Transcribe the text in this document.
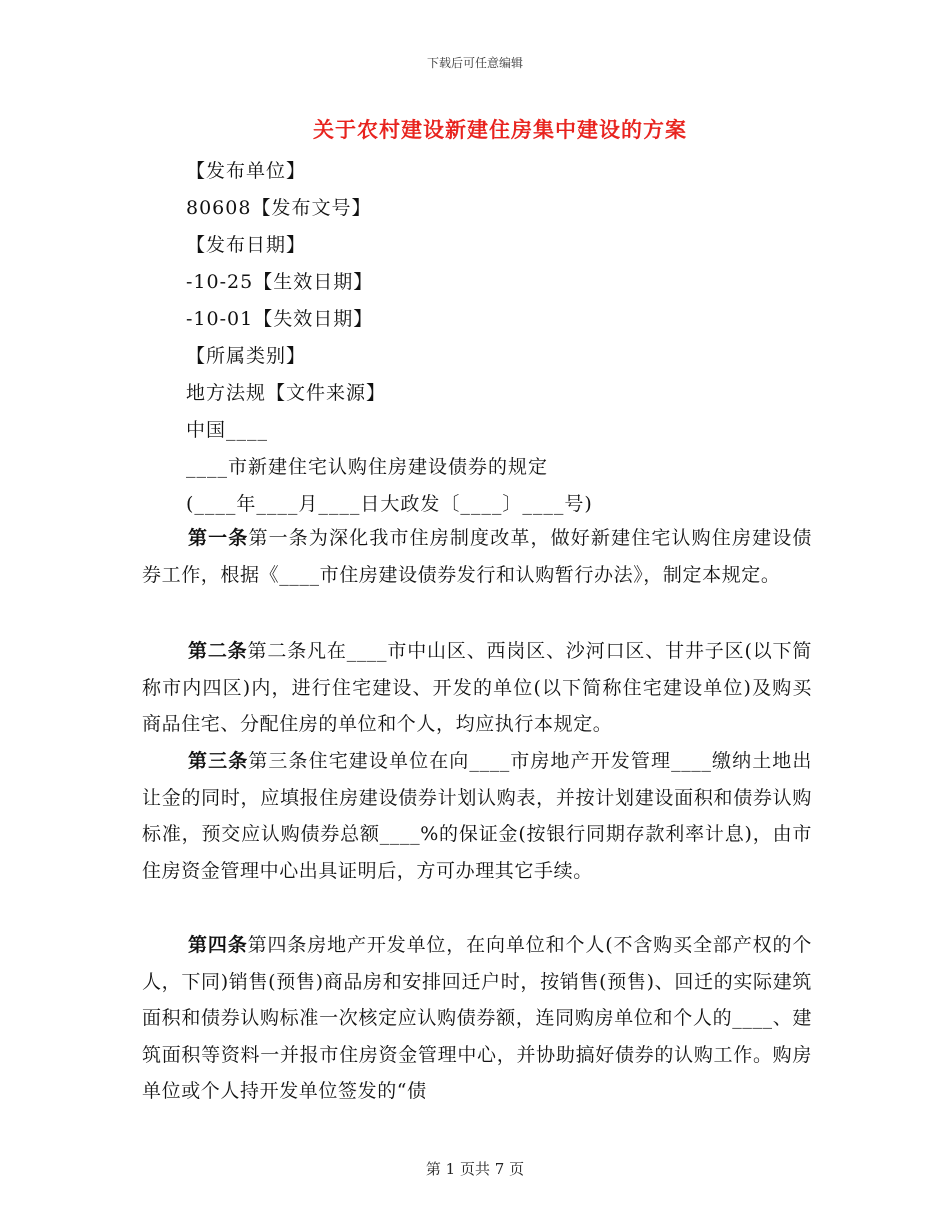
下载后可任意编辑
关于农村建设新建住房集中建设的方案
【发布单位】
80608【发布文号】
【发布日期】
-10-25【生效日期】
-10-01【失效日期】
【所属类别】
地方法规【文件来源】
中国____
____市新建住宅认购住房建设债券的规定
(____年____月____日大政发〔____〕____号)
第一条第一条为深化我市住房制度改革，做好新建住宅认购住房建设债券工作，根据《____市住房建设债券发行和认购暂行办法》，制定本规定。
第二条第二条凡在____市中山区、西岗区、沙河口区、甘井子区(以下简称市内四区)内，进行住宅建设、开发的单位(以下简称住宅建设单位)及购买商品住宅、分配住房的单位和个人，均应执行本规定。
第三条第三条住宅建设单位在向____市房地产开发管理____缴纳土地出让金的同时，应填报住房建设债券计划认购表，并按计划建设面积和债券认购标准，预交应认购债券总额____%的保证金(按银行同期存款利率计息)，由市住房资金管理中心出具证明后，方可办理其它手续。
第四条第四条房地产开发单位，在向单位和个人(不含购买全部产权的个人，下同)销售(预售)商品房和安排回迁户时，按销售(预售)、回迁的实际建筑面积和债券认购标准一次核定应认购债券额，连同购房单位和个人的____、建筑面积等资料一并报市住房资金管理中心，并协助搞好债券的认购工作。购房单位或个人持开发单位签发的“债
第 1 页共 7 页
